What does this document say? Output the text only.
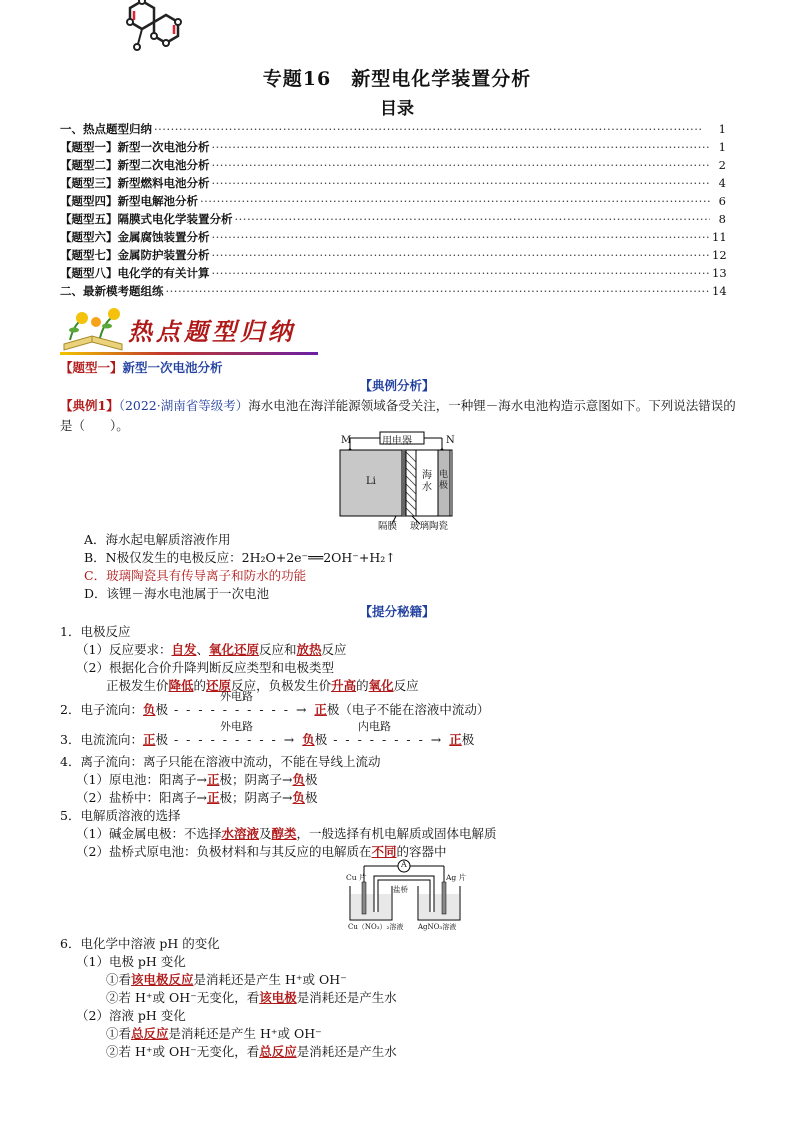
专题16　新型电化学装置分析
目录
一、热点题型归纳 ·····	1
【题型一】新型一次电池分析 ·····	1
【题型二】新型二次电池分析 ·····	2
【题型三】新型燃料电池分析 ·····	4
【题型四】新型电解池分析 ·····	6
【题型五】隔膜式电化学装置分析 ·····	8
【题型六】金属腐蚀装置分析 ·····	11
【题型七】金属防护装置分析 ·····	12
【题型八】电化学的有关计算 ·····	13
二、最新模考题组练 ·····	14
热点题型归纳
【题型一】新型一次电池分析
【典例分析】
【典例1】（2022·湖南省等级考）海水电池在海洋能源领域备受关注，一种锂－海水电池构造示意图如下。下列说法错误的是（　　）。
M	N
用电器
Li
海水
电极
隔膜 玻璃陶瓷
A．海水起电解质溶液作用
B．N极仅发生的电极反应：2H₂O+2e⁻══2OH⁻+H₂↑
C．玻璃陶瓷具有传导离子和防水的功能
D．该锂－海水电池属于一次电池
【提分秘籍】
1．电极反应
（1）反应要求：自发、氧化还原反应和放热反应
（2）根据化合价升降判断反应类型和电极类型
正极发生价降低的还原反应，负极发生价升高的氧化反应
2．电子流向：负极 - - - - - - - - - - → 正极（电子不能在溶液中流动）
外电路
3．电流流向：正极 - - - - - - - - - → 负极 - - - - - - - - → 正极
外电路	内电路
4．离子流向：离子只能在溶液中流动，不能在导线上流动
（1）原电池：阳离子→正极；阴离子→负极
（2）盐桥中：阳离子→正极；阴离子→负极
5．电解质溶液的选择
（1）碱金属电极：不选择水溶液及醇类，一般选择有机电解质或固体电解质
（2）盐桥式原电池：负极材料和与其反应的电解质在不同的容器中
A
Cu 片	Ag 片
盐桥
Cu（NO₃）₂溶液 AgNO₃溶液
6．电化学中溶液 pH 的变化
（1）电极 pH 变化
①看该电极反应是消耗还是产生 H⁺或 OH⁻
②若 H⁺或 OH⁻无变化，看该电极是消耗还是产生水
（2）溶液 pH 变化
①看总反应是消耗还是产生 H⁺或 OH⁻
②若 H⁺或 OH⁻无变化，看总反应是消耗还是产生水
